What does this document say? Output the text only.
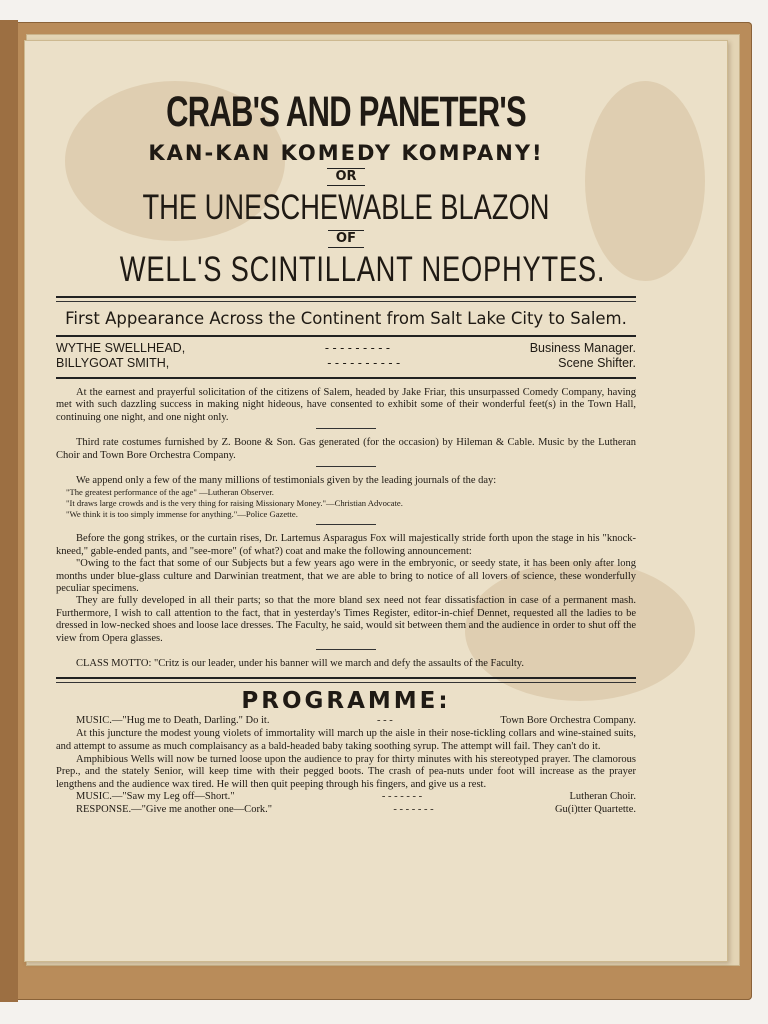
CRAB'S AND PANETER'S
KAN-KAN KOMEDY KOMPANY!
OR
THE UNESCHEWABLE BLAZON
OF
WELL'S SCINTILLANT NEOPHYTES.
First Appearance Across the Continent from Salt Lake City to Salem.
WYTHE SWELLHEAD,	- - - - - - - - -	Business Manager.
BILLYGOAT SMITH,	- - - - - - - - - -	Scene Shifter.

At the earnest and prayerful solicitation of the citizens of Salem, headed by Jake Friar, this unsurpassed Comedy Company, having met with such dazzling success in making night hideous, have consented to exhibit some of their wonderful feet(s) in the Town Hall, continuing one night, and one night only.

Third rate costumes furnished by Z. Boone & Son. Gas generated (for the occasion) by Hileman & Cable. Music by the Lutheran Choir and Town Bore Orchestra Company.

We append only a few of the many millions of testimonials given by the leading journals of the day:

"The greatest performance of the age" —Lutheran Observer.
"It draws large crowds and is the very thing for raising Missionary Money."—Christian Advocate.
"We think it is too simply immense for anything."—Police Gazette.

Before the gong strikes, or the curtain rises, Dr. Lartemus Asparagus Fox will majestically stride forth upon the stage in his "knock-kneed," gable-ended pants, and "see-more" (of what?) coat and make the following announcement:

"Owing to the fact that some of our Subjects but a few years ago were in the embryonic, or seedy state, it has been only after long months under blue-glass culture and Darwinian treatment, that we are able to bring to notice of all lovers of science, these wonderfully peculiar specimens.

They are fully developed in all their parts; so that the more bland sex need not fear dissatisfaction in case of a permanent mash. Furthermore, I wish to call attention to the fact, that in yesterday's Times Register, editor-in-chief Dennet, requested all the ladies to be dressed in low-necked shoes and loose lace dresses. The Faculty, he said, would sit between them and the audience in order to shut off the view from Opera glasses.

CLASS MOTTO: "Critz is our leader, under his banner will we march and defy the assaults of the Faculty.

PROGRAMME:
MUSIC.—"Hug me to Death, Darling." Do it.	- - -	Town Bore Orchestra Company.

At this juncture the modest young violets of immortality will march up the aisle in their nose-tickling collars and wine-stained suits, and attempt to assume as much complaisancy as a bald-headed baby taking soothing syrup. The attempt will fail. They can't do it.

Amphibious Wells will now be turned loose upon the audience to pray for thirty minutes with his stereotyped prayer. The clamorous Prep., and the stately Senior, will keep time with their pegged boots. The crash of pea-nuts under foot will increase as the prayer lengthens and the audience wax tired. He will then quit peeping through his fingers, and give us a rest.

MUSIC.—"Saw my Leg off—Short."	- - - - - - -	Lutheran Choir.
RESPONSE.—"Give me another one—Cork."	- - - - - - -	Gu(i)tter Quartette.
